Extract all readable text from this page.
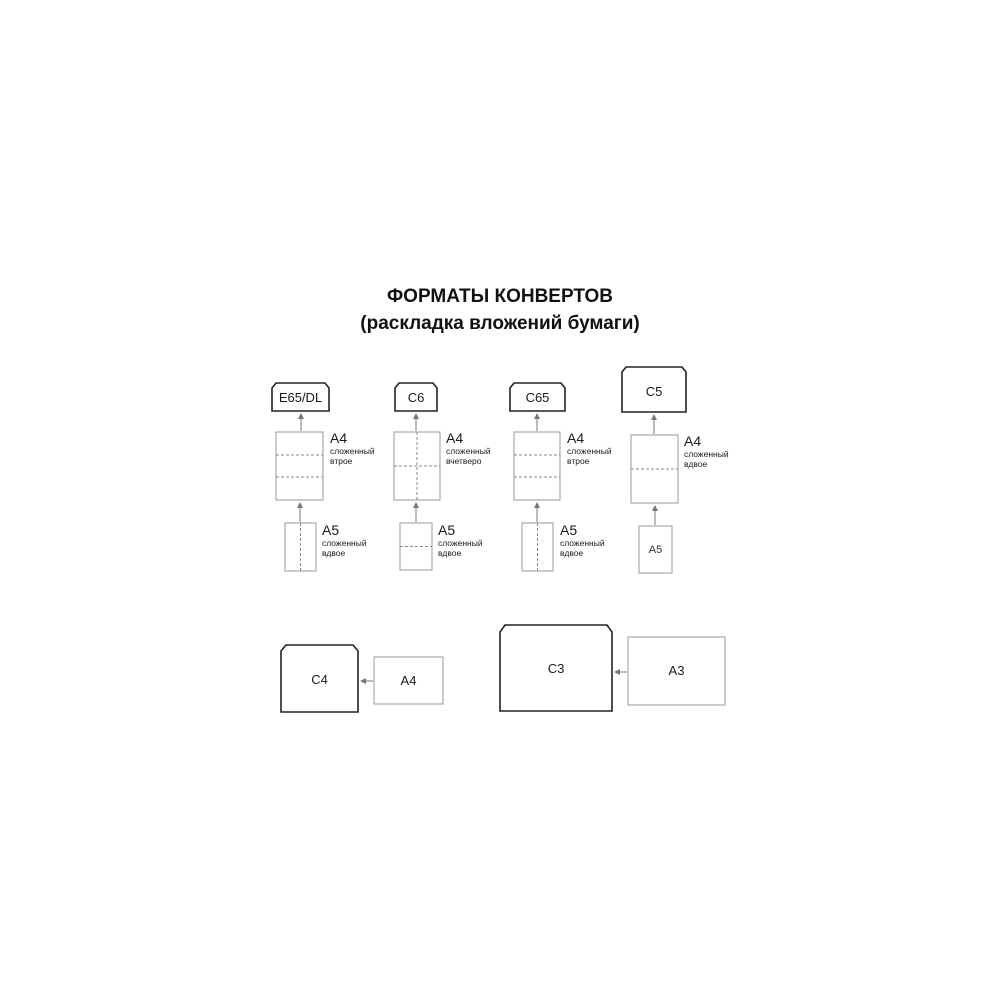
ФОРМАТЫ КОНВЕРТОВ
(раскладка вложений бумаги)
E65/DL
A4
сложенный
втрое
A5
сложенный
вдвое
C6
A4
сложенный
вчетверо
A5
сложенный
вдвое
C65
A4
сложенный
втрое
A5
сложенный
вдвое
C5
A4
сложенный
вдвое
A5
C4	A4
C3	A3
